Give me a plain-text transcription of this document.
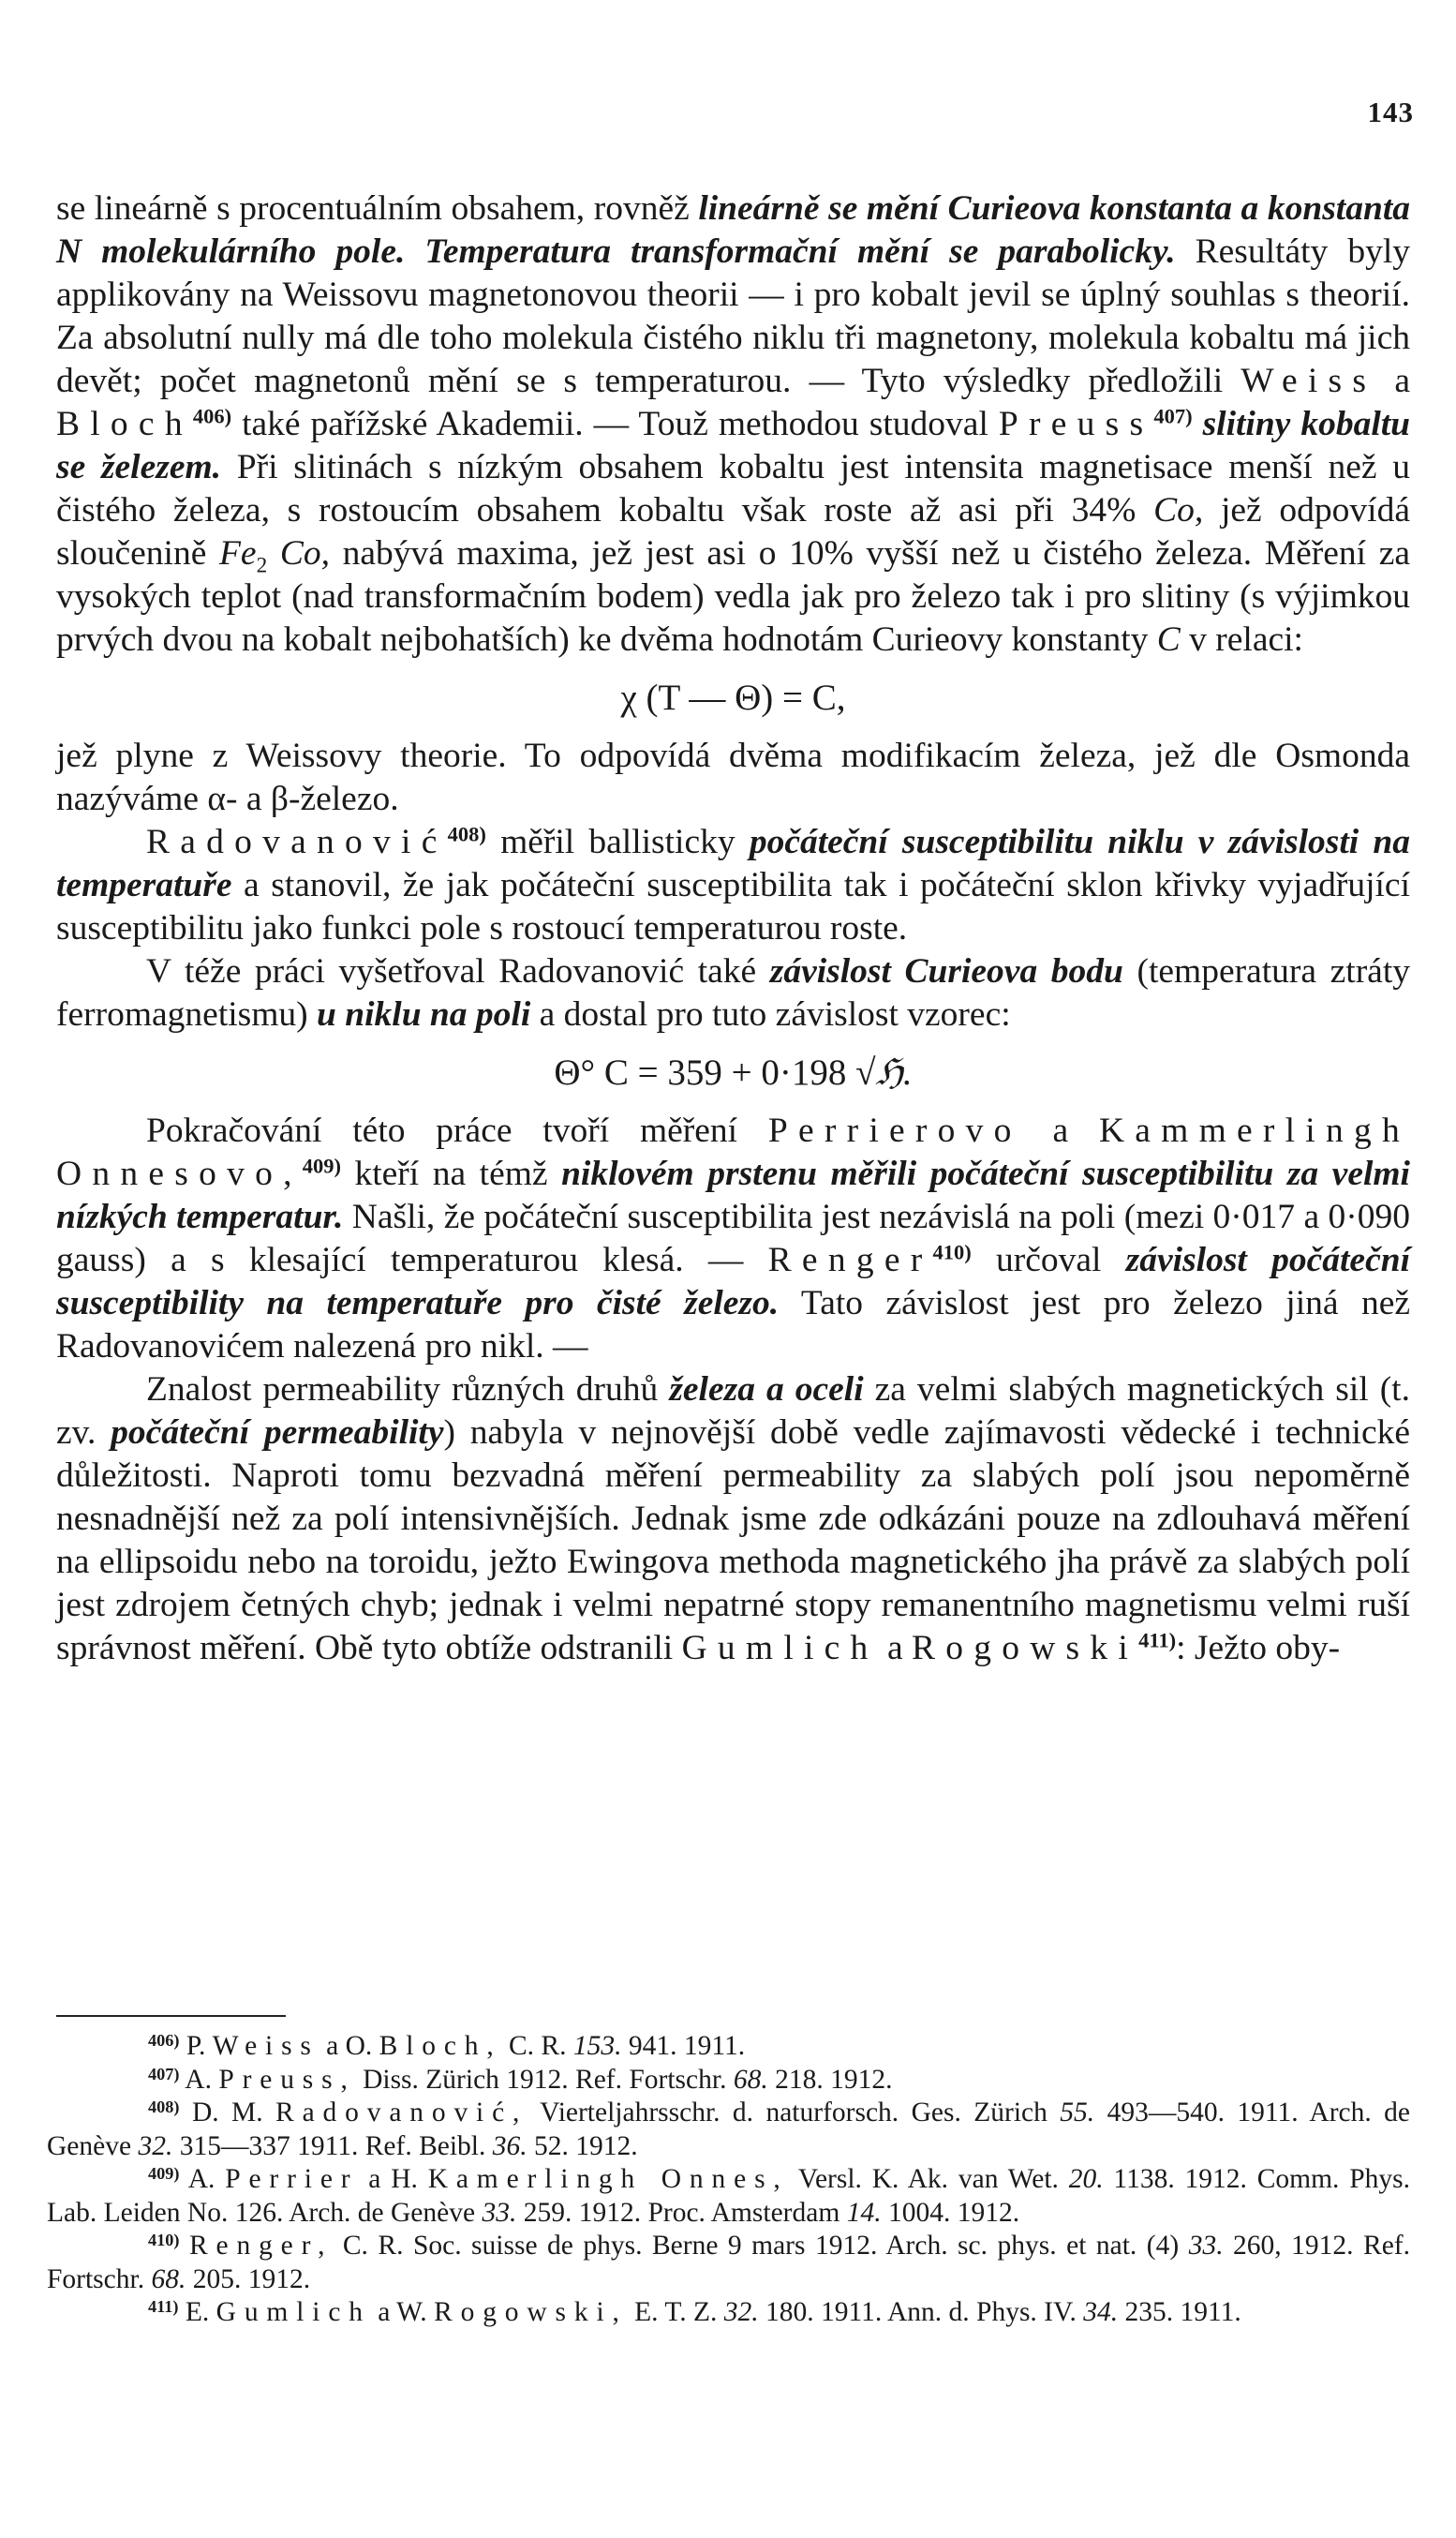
143

se lineárně s procentuálním obsahem, rovněž lineárně se mění Curieova konstanta a konstanta N molekulárního pole. Temperatura transformační mění se parabolicky. Resultáty byly applikovány na Weissovu magnetonovou theorii — i pro kobalt jevil se úplný souhlas s theorií. Za absolutní nully má dle toho molekula čistého niklu tři magnetony, molekula kobaltu má jich devět; počet magnetonů mění se s temperaturou. — Tyto výsledky předložili Weiss a Bloch$^{406)}$ také pařížské Akademii. — Touž methodou studoval Preuss$^{407)}$ slitiny kobaltu se železem. Při slitinách s nízkým obsahem kobaltu jest intensita magnetisace menší než u čistého železa, s rostoucím obsahem kobaltu však roste až asi při 34% Co, jež odpovídá sloučenině $Fe_2$ Co, nabývá maxima, jež jest asi o 10% vyšší než u čistého železa. Měření za vysokých teplot (nad transformačním bodem) vedla jak pro železo tak i pro slitiny (s výjimkou prvých dvou na kobalt nejbohatších) ke dvěma hodnotám Curieovy konstanty C v relaci:

χ (T — Θ) = C,

jež plyne z Weissovy theorie. To odpovídá dvěma modifikacím železa, jež dle Osmonda nazýváme α- a β-železo.

Radovanović$^{408)}$ měřil ballisticky počáteční susceptibilitu niklu v závislosti na temperatuře a stanovil, že jak počáteční susceptibilita tak i počáteční sklon křivky vyjadřující susceptibilitu jako funkci pole s rostoucí temperaturou roste.

V téže práci vyšetřoval Radovanović také závislost Curieova bodu (temperatura ztráty ferromagnetismu) u niklu na poli a dostal pro tuto závislost vzorec:

Θ° C = 359 + 0·198 √ℌ.

Pokračování této práce tvoří měření Perrierovo a Kammerlingh Onnesovo,$^{409)}$ kteří na témž niklovém prstenu měřili počáteční susceptibilitu za velmi nízkých temperatur. Našli, že počáteční susceptibilita jest nezávislá na poli (mezi 0·017 a 0·090 gauss) a s klesající temperaturou klesá. — Renger$^{410)}$ určoval závislost počáteční susceptibility na temperatuře pro čisté železo. Tato závislost jest pro železo jiná než Radovanovićem nalezená pro nikl. —

Znalost permeability různých druhů železa a oceli za velmi slabých magnetických sil (t. zv. počáteční permeability) nabyla v nejnovější době vedle zajímavosti vědecké i technické důležitosti. Naproti tomu bezvadná měření permeability za slabých polí jsou nepoměrně nesnadnější než za polí intensivnějších. Jednak jsme zde odkázáni pouze na zdlouhavá měření na ellipsoidu nebo na toroidu, ježto Ewingova methoda magnetického jha právě za slabých polí jest zdrojem četných chyb; jednak i velmi nepatrné stopy remanentního magnetismu velmi ruší správnost měření. Obě tyto obtíže odstranili Gumlich a Rogowski$^{411)}$: Ježto oby-

$^{406)}$ P. Weiss a O. Bloch, C. R. 153. 941. 1911.

$^{407)}$ A. Preuss, Diss. Zürich 1912. Ref. Fortschr. 68. 218. 1912.

$^{408)}$ D. M. Radovanović, Vierteljahrsschr. d. naturforsch. Ges. Zürich 55. 493—540. 1911. Arch. de Genève 32. 315—337 1911. Ref. Beibl. 36. 52. 1912.

$^{409)}$ A. Perrier a H. Kamerlingh Onnes, Versl. K. Ak. van Wet. 20. 1138. 1912. Comm. Phys. Lab. Leiden No. 126. Arch. de Genève 33. 259. 1912. Proc. Amsterdam 14. 1004. 1912.

$^{410)}$ Renger, C. R. Soc. suisse de phys. Berne 9 mars 1912. Arch. sc. phys. et nat. (4) 33. 260, 1912. Ref. Fortschr. 68. 205. 1912.

$^{411)}$ E. Gumlich a W. Rogowski, E. T. Z. 32. 180. 1911. Ann. d. Phys. IV. 34. 235. 1911.
